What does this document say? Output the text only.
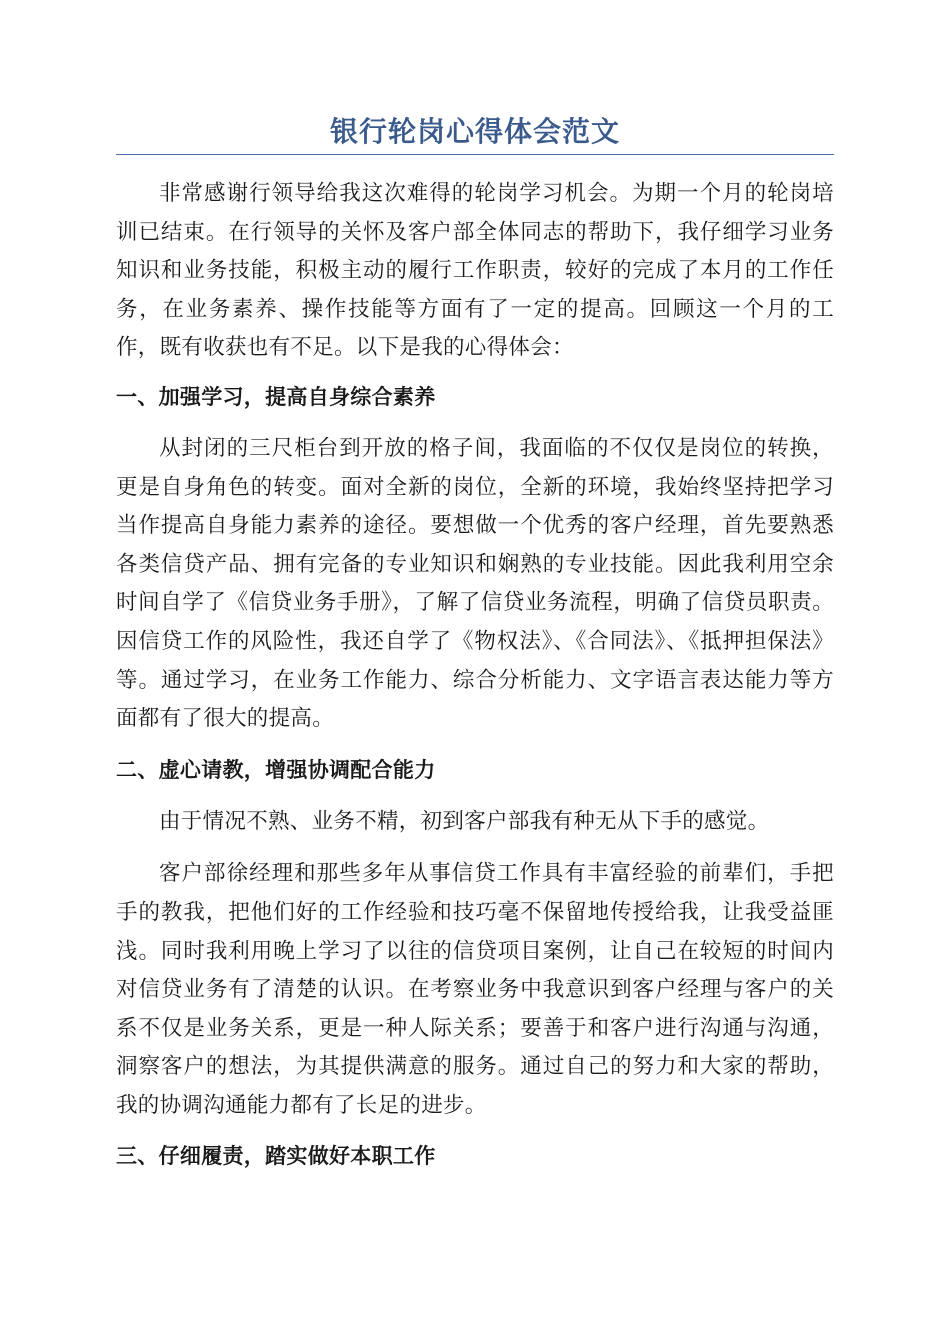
银行轮岗心得体会范文

非常感谢行领导给我这次难得的轮岗学习机会。为期一个月的轮岗培训已结束。在行领导的关怀及客户部全体同志的帮助下，我仔细学习业务知识和业务技能，积极主动的履行工作职责，较好的完成了本月的工作任务，在业务素养、操作技能等方面有了一定的提高。回顾这一个月的工作，既有收获也有不足。以下是我的心得体会：

一、加强学习，提高自身综合素养

从封闭的三尺柜台到开放的格子间，我面临的不仅仅是岗位的转换，更是自身角色的转变。面对全新的岗位，全新的环境，我始终坚持把学习当作提高自身能力素养的途径。要想做一个优秀的客户经理，首先要熟悉各类信贷产品、拥有完备的专业知识和娴熟的专业技能。因此我利用空余时间自学了《信贷业务手册》，了解了信贷业务流程，明确了信贷员职责。因信贷工作的风险性，我还自学了《物权法》、《合同法》、《抵押担保法》等。通过学习，在业务工作能力、综合分析能力、文字语言表达能力等方面都有了很大的提高。

二、虚心请教，增强协调配合能力

由于情况不熟、业务不精，初到客户部我有种无从下手的感觉。

客户部徐经理和那些多年从事信贷工作具有丰富经验的前辈们，手把手的教我，把他们好的工作经验和技巧毫不保留地传授给我，让我受益匪浅。同时我利用晚上学习了以往的信贷项目案例，让自己在较短的时间内对信贷业务有了清楚的认识。在考察业务中我意识到客户经理与客户的关系不仅是业务关系，更是一种人际关系；要善于和客户进行沟通与沟通，洞察客户的想法，为其提供满意的服务。通过自己的努力和大家的帮助，我的协调沟通能力都有了长足的进步。

三、仔细履责，踏实做好本职工作
